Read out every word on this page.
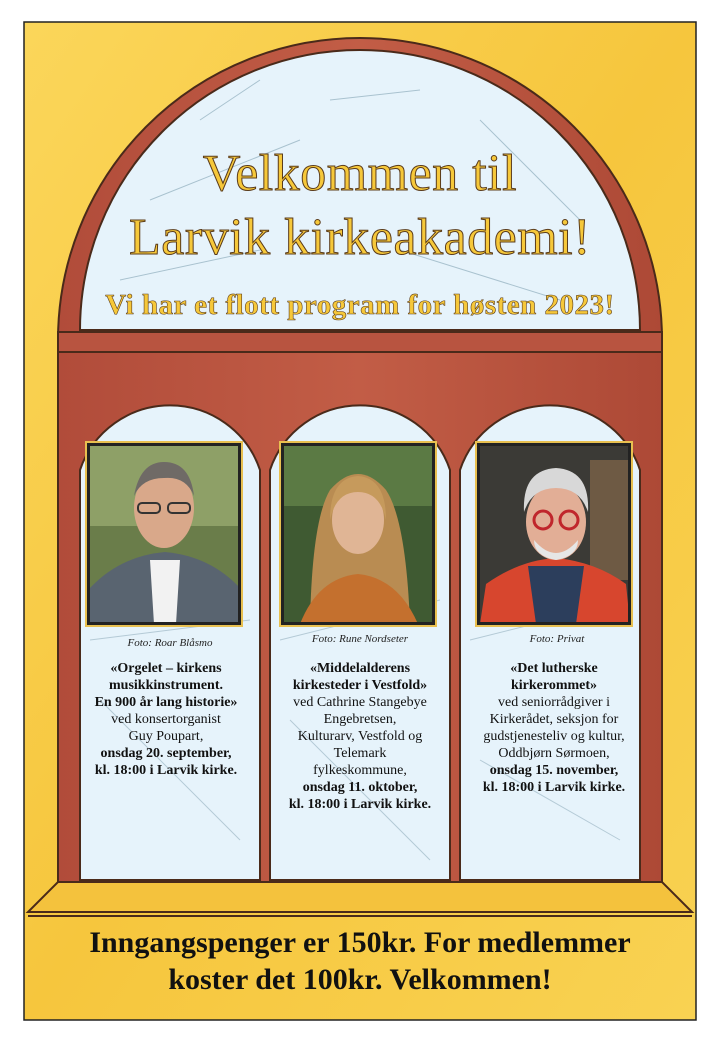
Velkommen til
Larvik kirkeakademi!
Vi har et flott program for høsten 2023!
Foto: Roar Blåsmo	Foto: Rune Nordseter	Foto: Privat
«Orgelet – kirkens
musikkinstrument.
En 900 år lang historie»
ved konsertorganist
Guy Poupart,
onsdag 20. september,
kl. 18:00 i Larvik kirke.
«Middelalderens
kirkesteder i Vestfold»
ved Cathrine Stangebye
Engebretsen,
Kulturarv, Vestfold og
Telemark
fylkeskommune,
onsdag 11. oktober,
kl. 18:00 i Larvik kirke.
«Det lutherske
kirkerommet»
ved seniorrådgiver i
Kirkerådet, seksjon for
gudstjenesteliv og kultur,
Oddbjørn Sørmoen,
onsdag 15. november,
kl. 18:00 i Larvik kirke.
Inngangspenger er 150kr. For medlemmer
koster det 100kr. Velkommen!
